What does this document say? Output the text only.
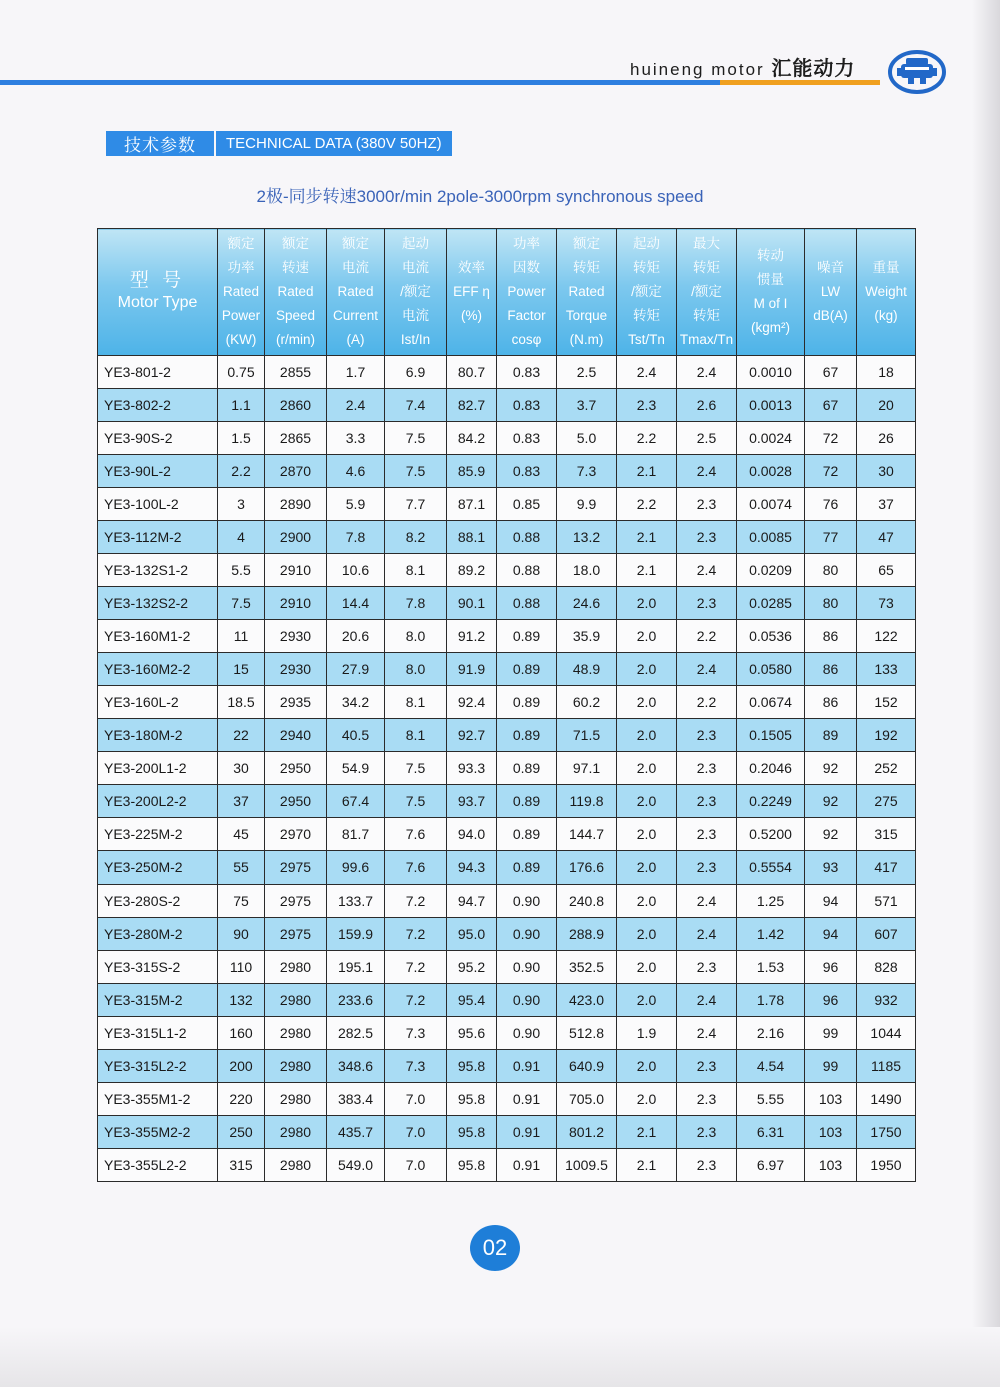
huineng motor 汇能动力
技术参数	TECHNICAL DATA (380V 50HZ)
2极-同步转速3000r/min 2pole-3000rpm synchronous speed
型 号
Motor Type	额定
功率
Rated
Power
(KW)	额定
转速
Rated
Speed
(r/min)	额定
电流
Rated
Current
(A)	起动
电流
/额定
电流
Ist/In	效率
EFF η
(%)	功率
因数
Power
Factor
cosφ	额定
转矩
Rated
Torque
(N.m)	起动
转矩
/额定
转矩
Tst/Tn	最大
转矩
/额定
转矩
Tmax/Tn	转动
惯量
M of I
(kgm²)	噪音
LW
dB(A)	重量
Weight
(kg)

YE3-801-2	0.75	2855	1.7	6.9	80.7	0.83	2.5	2.4	2.4	0.0010	67	18
YE3-802-2	1.1	2860	2.4	7.4	82.7	0.83	3.7	2.3	2.6	0.0013	67	20
YE3-90S-2	1.5	2865	3.3	7.5	84.2	0.83	5.0	2.2	2.5	0.0024	72	26
YE3-90L-2	2.2	2870	4.6	7.5	85.9	0.83	7.3	2.1	2.4	0.0028	72	30
YE3-100L-2	3	2890	5.9	7.7	87.1	0.85	9.9	2.2	2.3	0.0074	76	37
YE3-112M-2	4	2900	7.8	8.2	88.1	0.88	13.2	2.1	2.3	0.0085	77	47
YE3-132S1-2	5.5	2910	10.6	8.1	89.2	0.88	18.0	2.1	2.4	0.0209	80	65
YE3-132S2-2	7.5	2910	14.4	7.8	90.1	0.88	24.6	2.0	2.3	0.0285	80	73
YE3-160M1-2	11	2930	20.6	8.0	91.2	0.89	35.9	2.0	2.2	0.0536	86	122
YE3-160M2-2	15	2930	27.9	8.0	91.9	0.89	48.9	2.0	2.4	0.0580	86	133
YE3-160L-2	18.5	2935	34.2	8.1	92.4	0.89	60.2	2.0	2.2	0.0674	86	152
YE3-180M-2	22	2940	40.5	8.1	92.7	0.89	71.5	2.0	2.3	0.1505	89	192
YE3-200L1-2	30	2950	54.9	7.5	93.3	0.89	97.1	2.0	2.3	0.2046	92	252
YE3-200L2-2	37	2950	67.4	7.5	93.7	0.89	119.8	2.0	2.3	0.2249	92	275
YE3-225M-2	45	2970	81.7	7.6	94.0	0.89	144.7	2.0	2.3	0.5200	92	315
YE3-250M-2	55	2975	99.6	7.6	94.3	0.89	176.6	2.0	2.3	0.5554	93	417
YE3-280S-2	75	2975	133.7	7.2	94.7	0.90	240.8	2.0	2.4	1.25	94	571
YE3-280M-2	90	2975	159.9	7.2	95.0	0.90	288.9	2.0	2.4	1.42	94	607
YE3-315S-2	110	2980	195.1	7.2	95.2	0.90	352.5	2.0	2.3	1.53	96	828
YE3-315M-2	132	2980	233.6	7.2	95.4	0.90	423.0	2.0	2.4	1.78	96	932
YE3-315L1-2	160	2980	282.5	7.3	95.6	0.90	512.8	1.9	2.4	2.16	99	1044
YE3-315L2-2	200	2980	348.6	7.3	95.8	0.91	640.9	2.0	2.3	4.54	99	1185
YE3-355M1-2	220	2980	383.4	7.0	95.8	0.91	705.0	2.0	2.3	5.55	103	1490
YE3-355M2-2	250	2980	435.7	7.0	95.8	0.91	801.2	2.1	2.3	6.31	103	1750
YE3-355L2-2	315	2980	549.0	7.0	95.8	0.91	1009.5	2.1	2.3	6.97	103	1950
02
